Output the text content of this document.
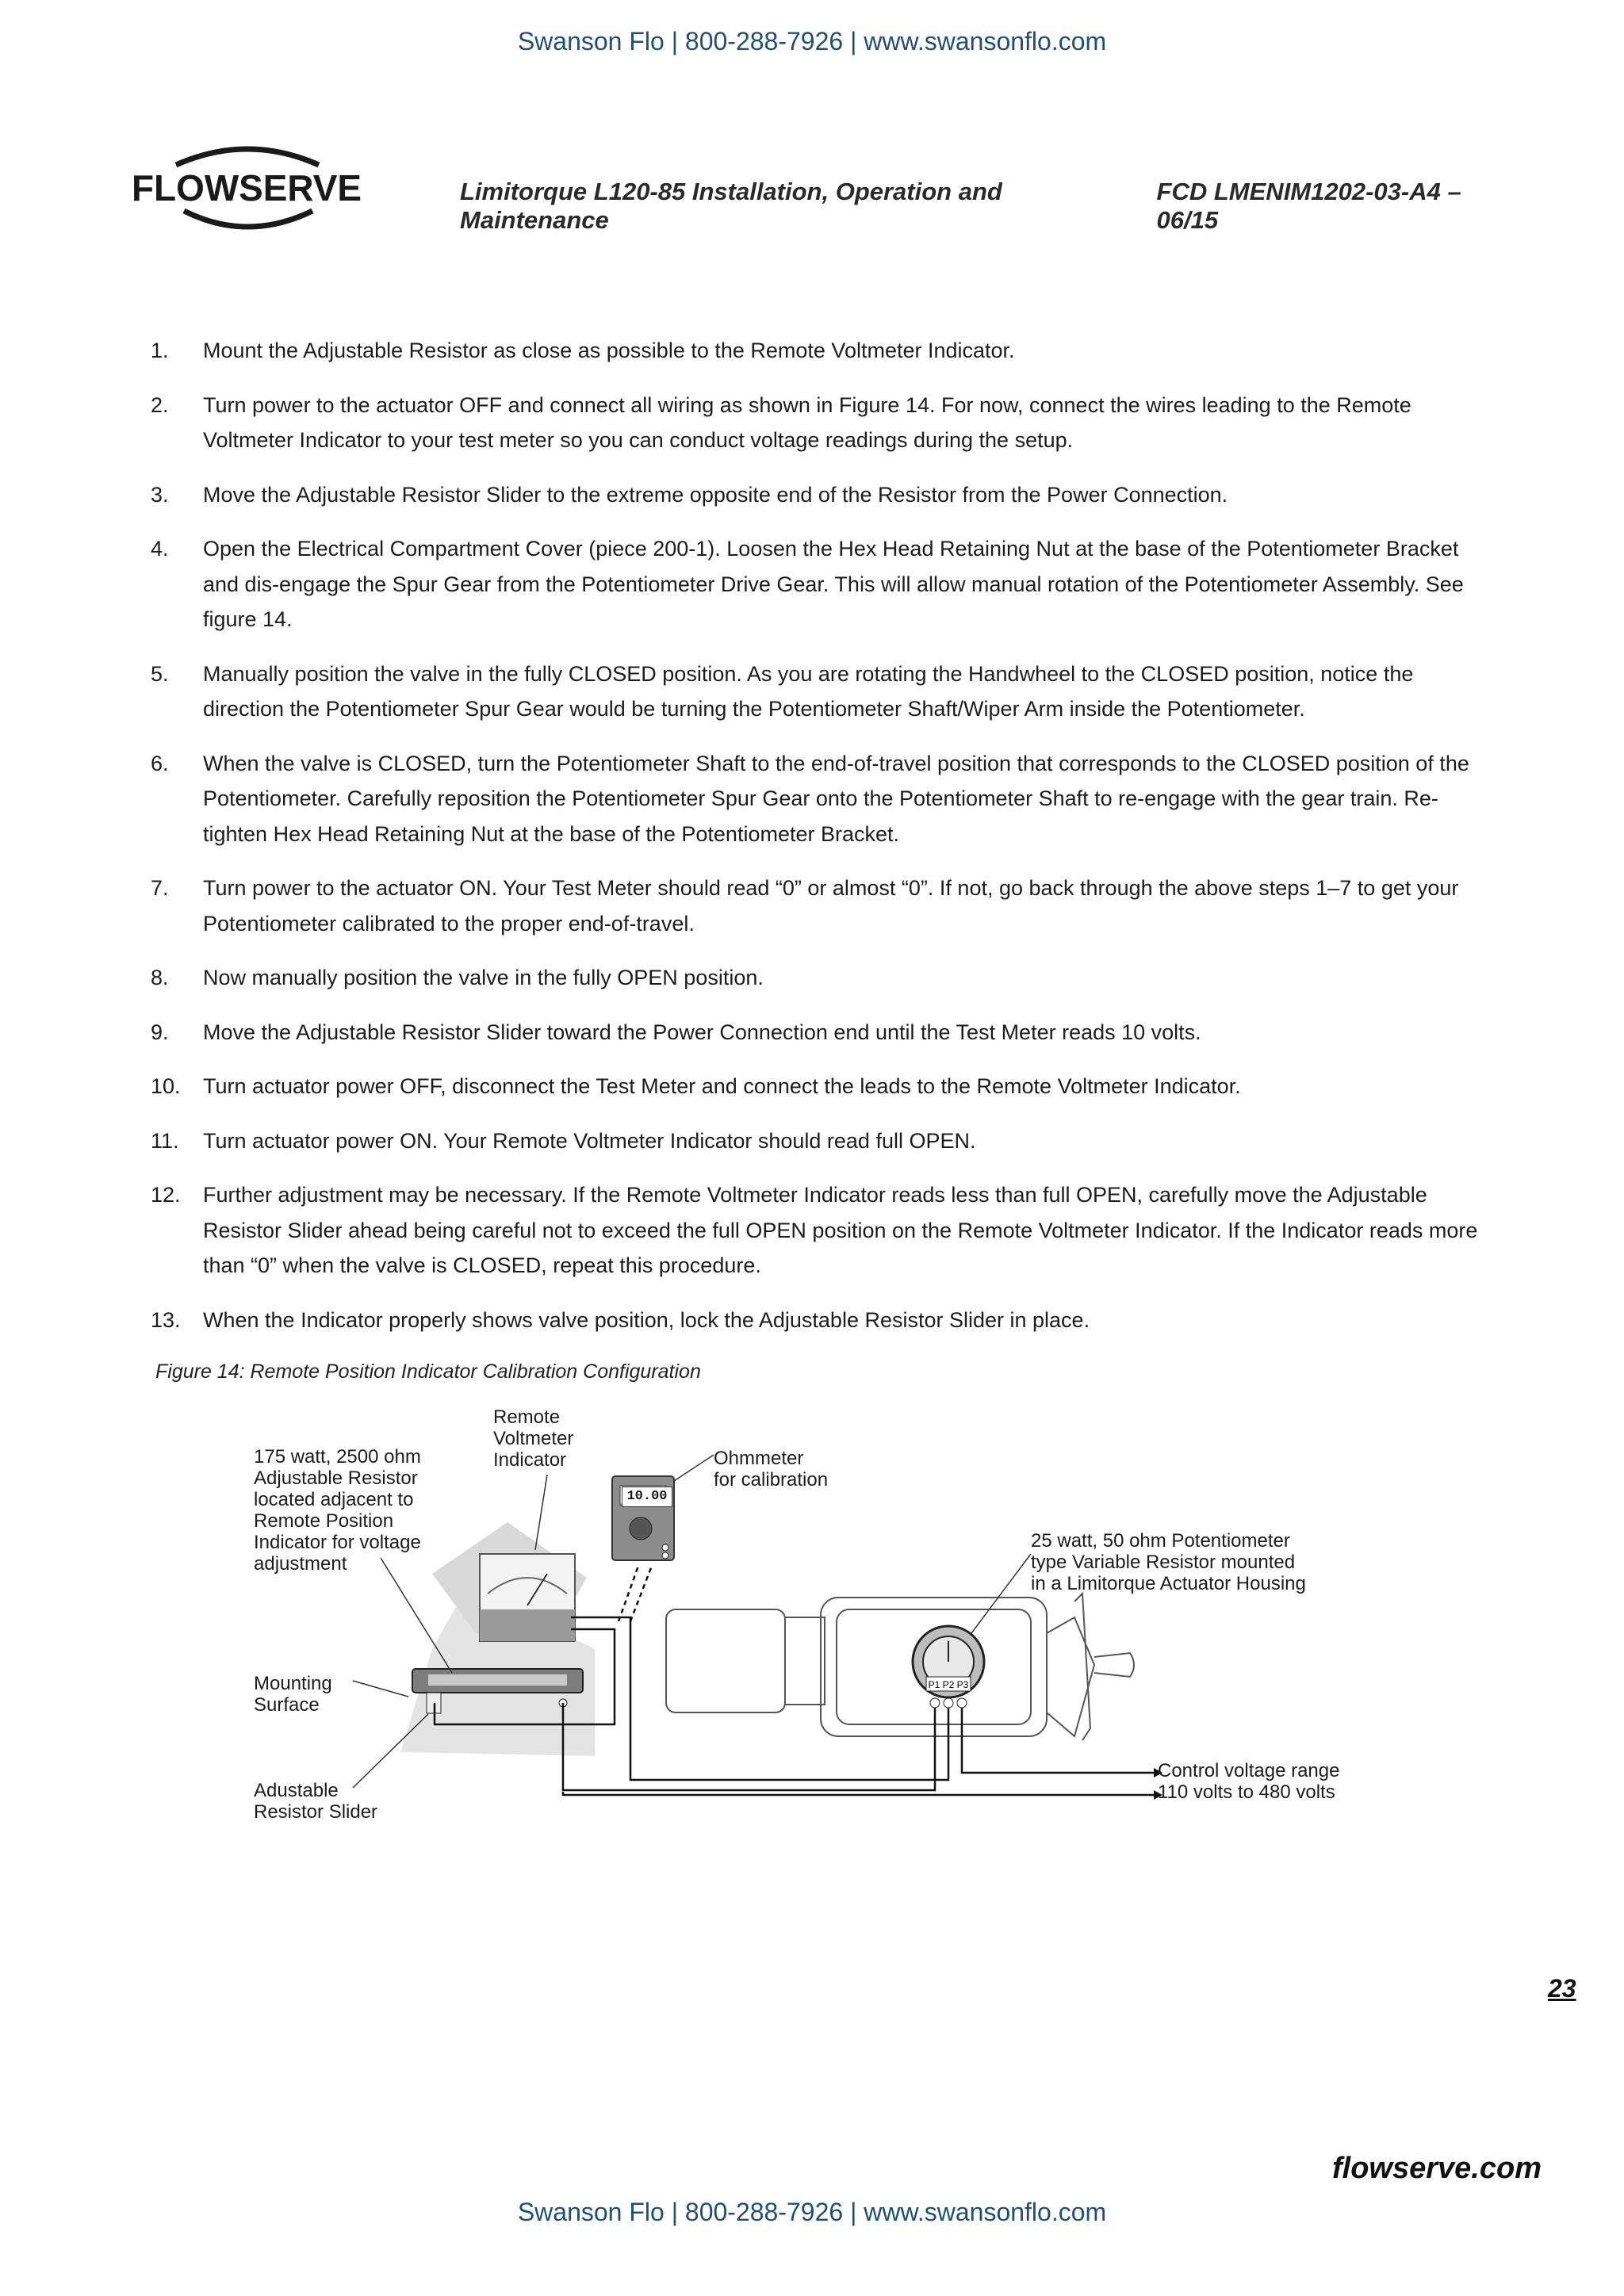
Swanson Flo | 800-288-7926 | www.swansonflo.com
FLOWSERVE	Limitorque L120-85 Installation, Operation and Maintenance
FCD LMENIM1202-03-A4 – 06/15
1.	Mount the Adjustable Resistor as close as possible to the Remote Voltmeter Indicator.
2.	Turn power to the actuator OFF and connect all wiring as shown in Figure 14. For now, connect the wires leading to the Remote Voltmeter Indicator to your test meter so you can conduct voltage readings during the setup.
3.	Move the Adjustable Resistor Slider to the extreme opposite end of the Resistor from the Power Connection.
4.	Open the Electrical Compartment Cover (piece 200-1). Loosen the Hex Head Retaining Nut at the base of the Potentiometer Bracket and dis-engage the Spur Gear from the Potentiometer Drive Gear. This will allow manual rotation of the Potentiometer Assembly. See figure 14.
5.	Manually position the valve in the fully CLOSED position. As you are rotating the Handwheel to the CLOSED position, notice the direction the Potentiometer Spur Gear would be turning the Potentiometer Shaft/Wiper Arm inside the Potentiometer.
6.	When the valve is CLOSED, turn the Potentiometer Shaft to the end-of-travel position that corresponds to the CLOSED position of the Potentiometer. Carefully reposition the Potentiometer Spur Gear onto the Potentiometer Shaft to re-engage with the gear train. Re-tighten Hex Head Retaining Nut at the base of the Potentiometer Bracket.
7.	Turn power to the actuator ON. Your Test Meter should read “0” or almost “0”. If not, go back through the above steps 1–7 to get your Potentiometer calibrated to the proper end-of-travel.
8.	Now manually position the valve in the fully OPEN position.
9.	Move the Adjustable Resistor Slider toward the Power Connection end until the Test Meter reads 10 volts.
10.	Turn actuator power OFF, disconnect the Test Meter and connect the leads to the Remote Voltmeter Indicator.
11.	Turn actuator power ON. Your Remote Voltmeter Indicator should read full OPEN.
12.	Further adjustment may be necessary. If the Remote Voltmeter Indicator reads less than full OPEN, carefully move the Adjustable Resistor Slider ahead being careful not to exceed the full OPEN position on the Remote Voltmeter Indicator. If the Indicator reads more than “0” when the valve is CLOSED, repeat this procedure.
13.	When the Indicator properly shows valve position, lock the Adjustable Resistor Slider in place.
Figure 14: Remote Position Indicator Calibration Configuration
P1 P2 P3
10.00
175 watt, 2500 ohm
Adjustable Resistor
located adjacent to
Remote Position
Indicator for voltage
adjustment
Remote
Voltmeter
Indicator	Ohmmeter
for calibration
25 watt, 50 ohm Potentiometer
type Variable Resistor mounted
in a Limitorque Actuator Housing
Mounting
Surface
Adustable
Resistor Slider
Control voltage range
110 volts to 480 volts
23
flowserve.com
Swanson Flo | 800-288-7926 | www.swansonflo.com
